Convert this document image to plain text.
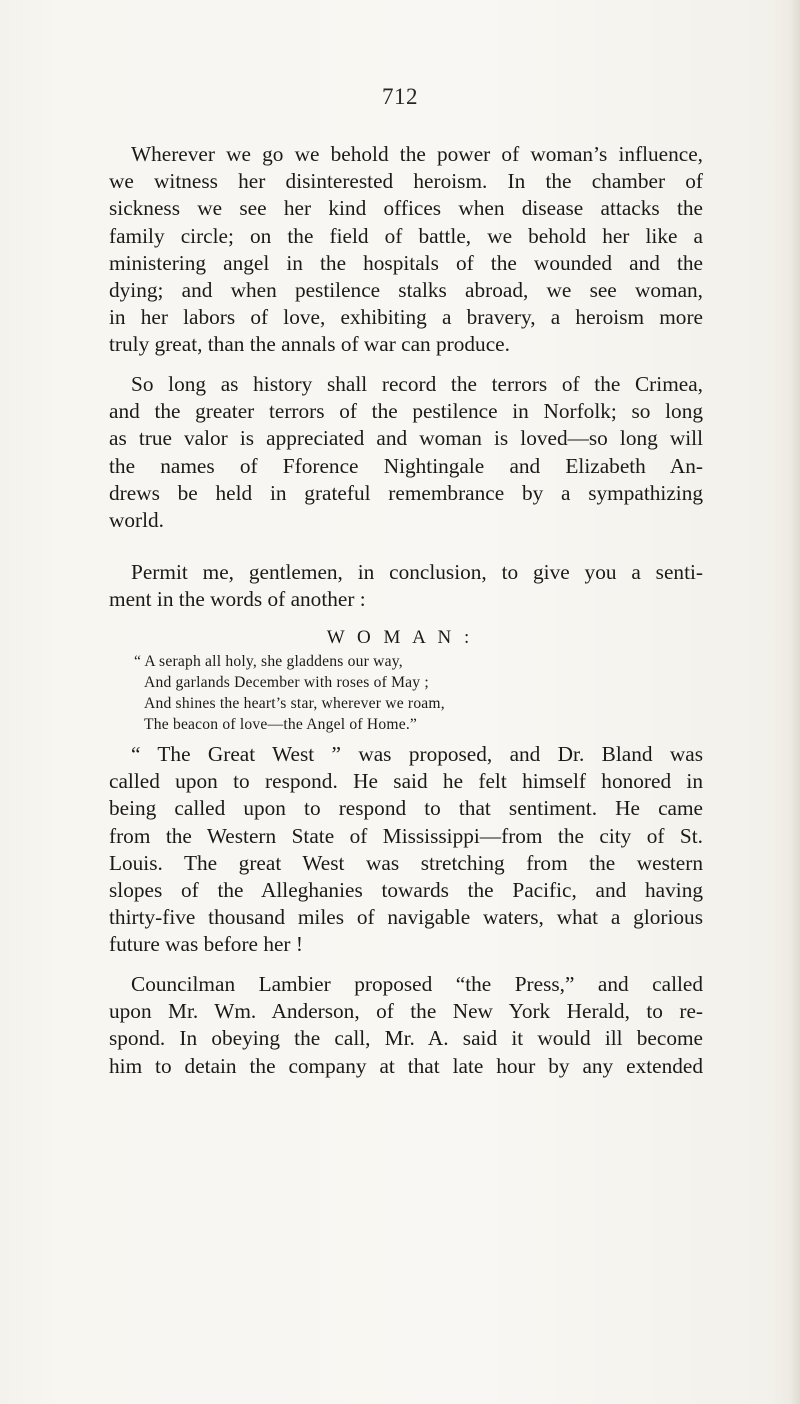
712

Wherever we go we behold the power of woman’s influence,
we witness her disinterested heroism. In the chamber of
sickness we see her kind offices when disease attacks the
family circle; on the field of battle, we behold her like a
ministering angel in the hospitals of the wounded and the
dying; and when pestilence stalks abroad, we see woman,
in her labors of love, exhibiting a bravery, a heroism more
truly great, than the annals of war can produce.

So long as history shall record the terrors of the Crimea,
and the greater terrors of the pestilence in Norfolk; so long
as true valor is appreciated and woman is loved—so long will
the names of Fforence Nightingale and Elizabeth An-
drews be held in grateful remembrance by a sympathizing
world.

Permit me, gentlemen, in conclusion, to give you a senti-
ment in the words of another :

W O M A N :
“ A seraph all holy, she gladdens our way,
And garlands December with roses of May ;
And shines the heart’s star, wherever we roam,
The beacon of love—the Angel of Home.”

“ The Great West ” was proposed, and Dr. Bland was
called upon to respond. He said he felt himself honored in
being called upon to respond to that sentiment. He came
from the Western State of Mississippi—from the city of St.
Louis. The great West was stretching from the western
slopes of the Alleghanies towards the Pacific, and having
thirty-five thousand miles of navigable waters, what a glorious
future was before her !

Councilman Lambier proposed “the Press,” and called
upon Mr. Wm. Anderson, of the New York Herald, to re-
spond. In obeying the call, Mr. A. said it would ill become
him to detain the company at that late hour by any extended
